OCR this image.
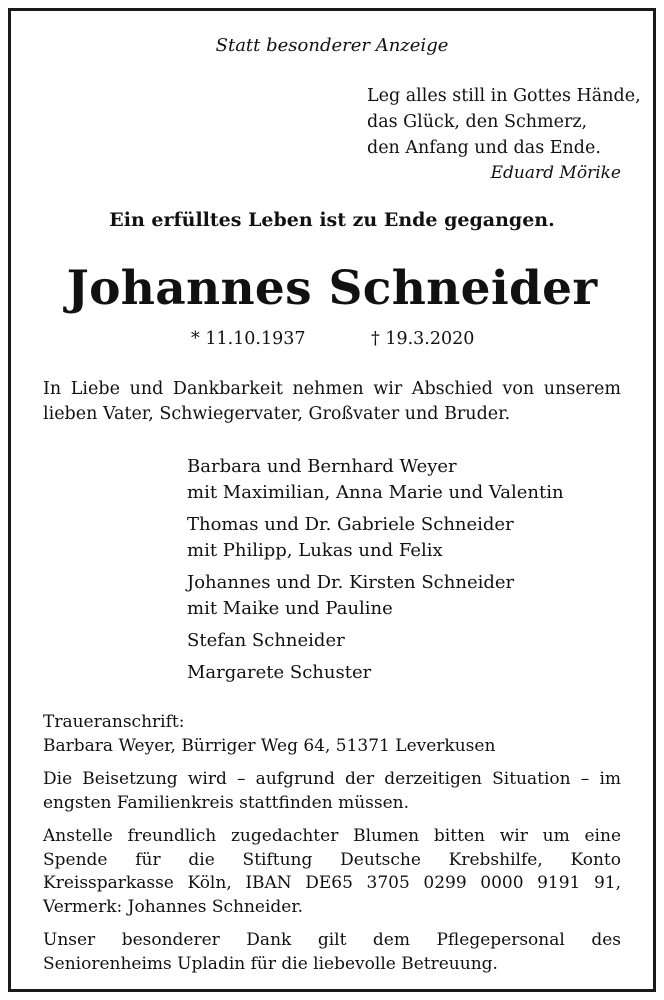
Statt besonderer Anzeige
Leg alles still in Gottes Hände,
das Glück, den Schmerz,
den Anfang und das Ende.
Eduard Mörike
Ein erfülltes Leben ist zu Ende gegangen.
Johannes Schneider
* 11.10.1937	† 19.3.2020
In Liebe und Dankbarkeit nehmen wir Abschied von unserem lieben Vater, Schwiegervater, Großvater und Bruder.
Barbara und Bernhard Weyer
mit Maximilian, Anna Marie und Valentin
Thomas und Dr. Gabriele Schneider
mit Philipp, Lukas und Felix
Johannes und Dr. Kirsten Schneider
mit Maike und Pauline
Stefan Schneider
Margarete Schuster
Traueranschrift:
Barbara Weyer, Bürriger Weg 64, 51371 Leverkusen
Die Beisetzung wird – aufgrund der derzeitigen Situation – im engsten Familienkreis stattfinden müssen.
Anstelle freundlich zugedachter Blumen bitten wir um eine Spende für die Stiftung Deutsche Krebshilfe, Konto Kreissparkasse Köln, IBAN DE65 3705 0299 0000 9191 91, Vermerk: Johannes Schneider.
Unser besonderer Dank gilt dem Pflegepersonal des Seniorenheims Upladin für die liebevolle Betreuung.
